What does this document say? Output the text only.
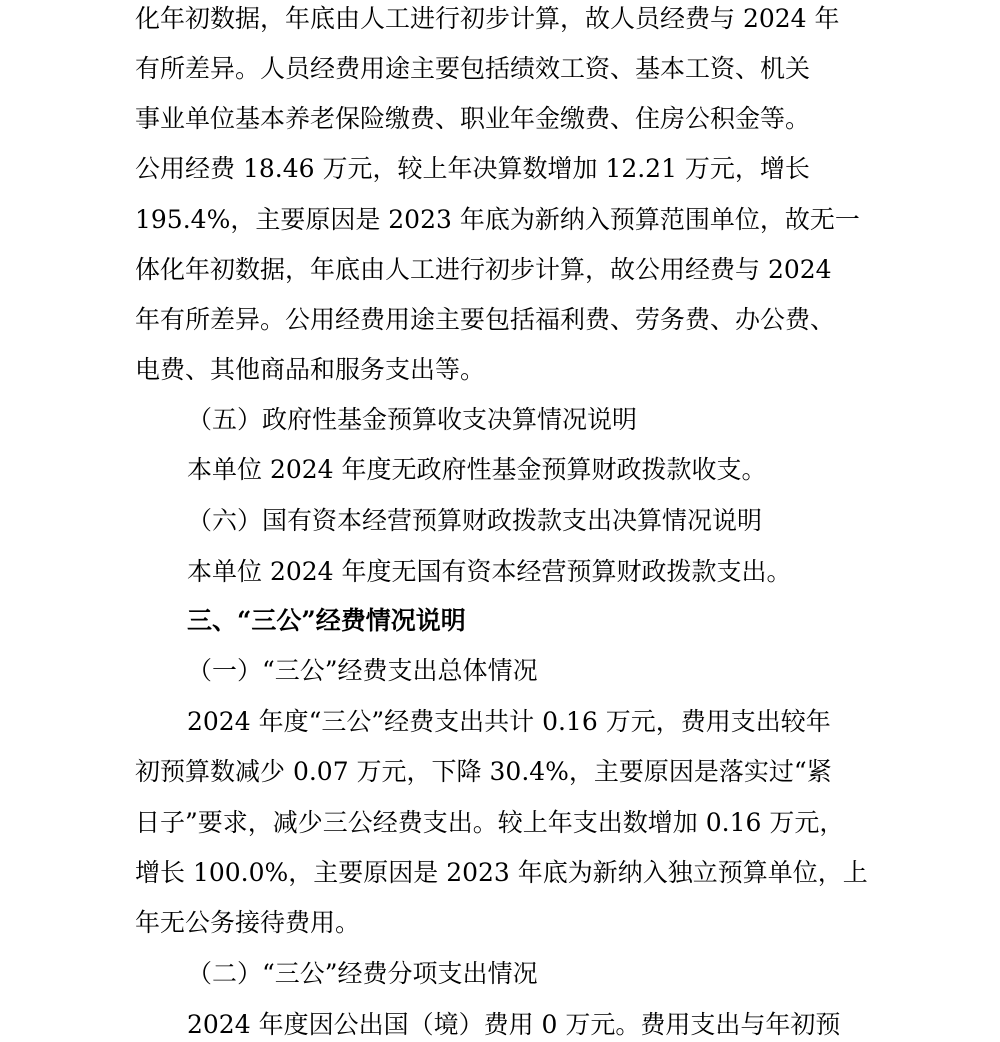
化年初数据，年底由人工进行初步计算，故人员经费与 2024 年
有所差异。人员经费用途主要包括绩效工资、基本工资、机关
事业单位基本养老保险缴费、职业年金缴费、住房公积金等。
公用经费 18.46 万元，较上年决算数增加 12.21 万元，增长
195.4%，主要原因是 2023 年底为新纳入预算范围单位，故无一
体化年初数据，年底由人工进行初步计算，故公用经费与 2024
年有所差异。公用经费用途主要包括福利费、劳务费、办公费、
电费、其他商品和服务支出等。
（五）政府性基金预算收支决算情况说明
本单位 2024 年度无政府性基金预算财政拨款收支。
（六）国有资本经营预算财政拨款支出决算情况说明
本单位 2024 年度无国有资本经营预算财政拨款支出。
三、“三公”经费情况说明
（一）“三公”经费支出总体情况
2024 年度“三公”经费支出共计 0.16 万元，费用支出较年
初预算数减少 0.07 万元，下降 30.4%，主要原因是落实过“紧
日子”要求，减少三公经费支出。较上年支出数增加 0.16 万元，
增长 100.0%，主要原因是 2023 年底为新纳入独立预算单位，上
年无公务接待费用。
（二）“三公”经费分项支出情况
2024 年度因公出国（境）费用 0 万元。费用支出与年初预
